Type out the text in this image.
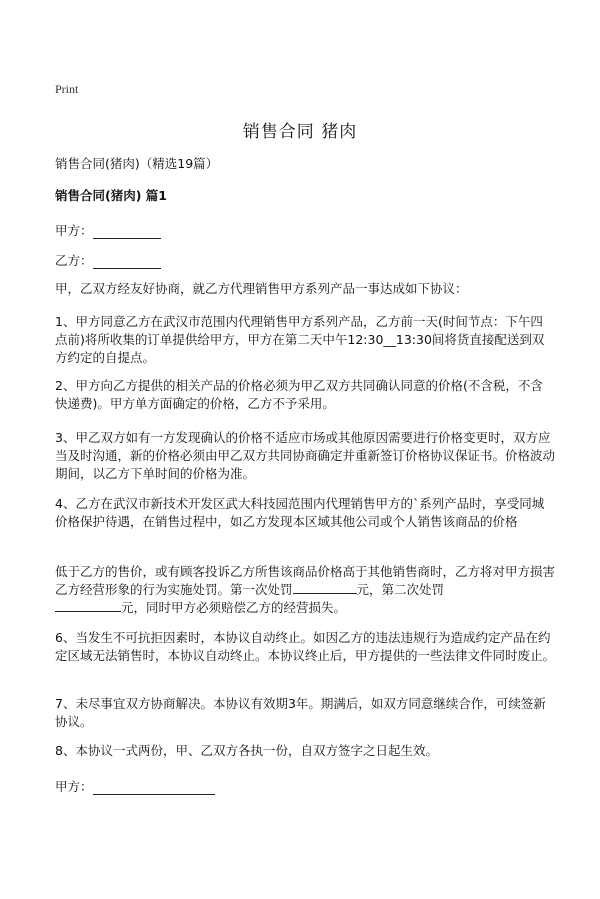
Print
销售合同 猪肉
销售合同(猪肉)（精选19篇）
销售合同(猪肉) 篇1
甲方：
乙方：

甲，乙双方经友好协商，就乙方代理销售甲方系列产品一事达成如下协议：

1、甲方同意乙方在武汉市范围内代理销售甲方系列产品，乙方前一天(时间节点：下午四点前)将所收集的订单提供给甲方，甲方在第二天中午12:30__13:30间将货直接配送到双方约定的自提点。

2、甲方向乙方提供的相关产品的价格必须为甲乙双方共同确认同意的价格(不含税，不含快递费)。甲方单方面确定的价格，乙方不予采用。

3、甲乙双方如有一方发现确认的价格不适应市场或其他原因需要进行价格变更时，双方应当及时沟通，新的价格必须由甲乙双方共同协商确定并重新签订价格协议保证书。价格波动期间，以乙方下单时间的价格为准。

4、乙方在武汉市新技术开发区武大科技园范围内代理销售甲方的`系列产品时，享受同城价格保护待遇，在销售过程中，如乙方发现本区域其他公司或个人销售该商品的价格

低于乙方的售价，或有顾客投诉乙方所售该商品价格高于其他销售商时，乙方将对甲方损害乙方经营形象的行为实施处罚。第一次处罚	元，第二次处罚
元，同时甲方必须赔偿乙方的经营损失。

6、当发生不可抗拒因素时，本协议自动终止。如因乙方的违法违规行为造成约定产品在约定区域无法销售时，本协议自动终止。本协议终止后，甲方提供的一些法律文件同时废止。

7、未尽事宜双方协商解决。本协议有效期3年。期满后，如双方同意继续合作，可续签新协议。

8、本协议一式两份，甲、乙双方各执一份，自双方签字之日起生效。

甲方：
